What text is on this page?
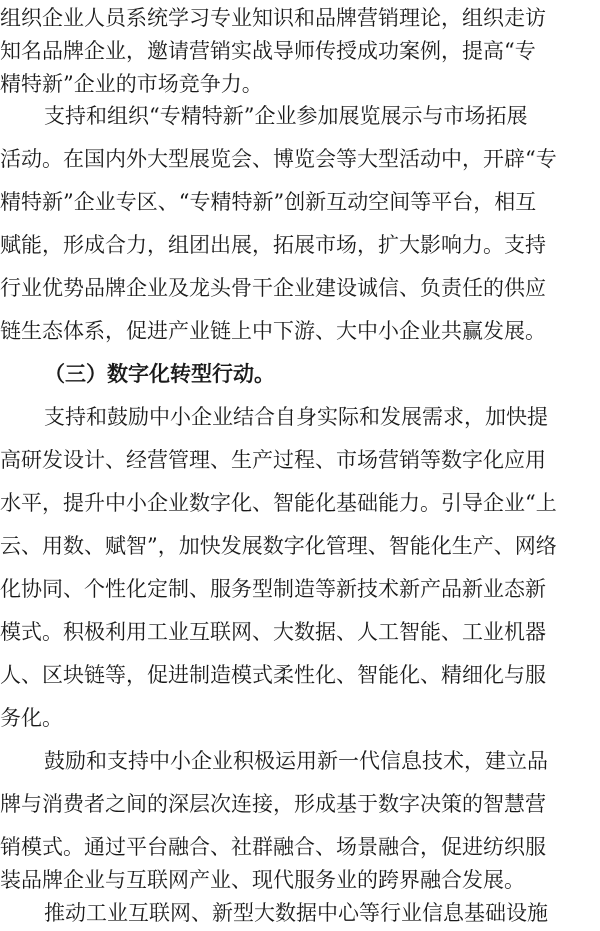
组织企业人员系统学习专业知识和品牌营销理论，组织走访
知名品牌企业，邀请营销实战导师传授成功案例，提高“专
精特新”企业的市场竞争力。
支持和组织“专精特新”企业参加展览展示与市场拓展
活动。在国内外大型展览会、博览会等大型活动中，开辟“专
精特新”企业专区、“专精特新”创新互动空间等平台，相互
赋能，形成合力，组团出展，拓展市场，扩大影响力。支持
行业优势品牌企业及龙头骨干企业建设诚信、负责任的供应
链生态体系，促进产业链上中下游、大中小企业共赢发展。
（三）数字化转型行动。
支持和鼓励中小企业结合自身实际和发展需求，加快提
高研发设计、经营管理、生产过程、市场营销等数字化应用
水平，提升中小企业数字化、智能化基础能力。引导企业“上
云、用数、赋智”，加快发展数字化管理、智能化生产、网络
化协同、个性化定制、服务型制造等新技术新产品新业态新
模式。积极利用工业互联网、大数据、人工智能、工业机器
人、区块链等，促进制造模式柔性化、智能化、精细化与服
务化。
鼓励和支持中小企业积极运用新一代信息技术，建立品
牌与消费者之间的深层次连接，形成基于数字决策的智慧营
销模式。通过平台融合、社群融合、场景融合，促进纺织服
装品牌企业与互联网产业、现代服务业的跨界融合发展。
推动工业互联网、新型大数据中心等行业信息基础设施
